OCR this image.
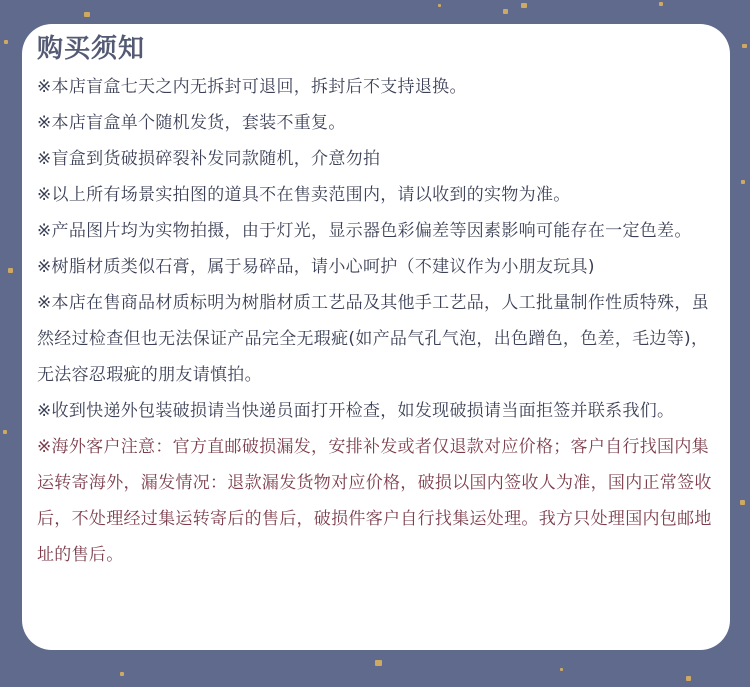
购买须知
※本店盲盒七天之内无拆封可退回，拆封后不支持退换。
※本店盲盒单个随机发货，套装不重复。
※盲盒到货破损碎裂补发同款随机，介意勿拍
※以上所有场景实拍图的道具不在售卖范围内，请以收到的实物为准。
※产品图片均为实物拍摄，由于灯光，显示器色彩偏差等因素影响可能存在一定色差。
※树脂材质类似石膏，属于易碎品，请小心呵护（不建议作为小朋友玩具)
※本店在售商品材质标明为树脂材质工艺品及其他手工艺品，人工批量制作性质特殊，虽然经过检查但也无法保证产品完全无瑕疵(如产品气孔气泡，出色蹭色，色差，毛边等)，无法容忍瑕疵的朋友请慎拍。
※收到快递外包装破损请当快递员面打开检查，如发现破损请当面拒签并联系我们。
※海外客户注意：官方直邮破损漏发，安排补发或者仅退款对应价格；客户自行找国内集运转寄海外，漏发情况：退款漏发货物对应价格，破损以国内签收人为准，国内正常签收后，不处理经过集运转寄后的售后，破损件客户自行找集运处理。我方只处理国内包邮地址的售后。
